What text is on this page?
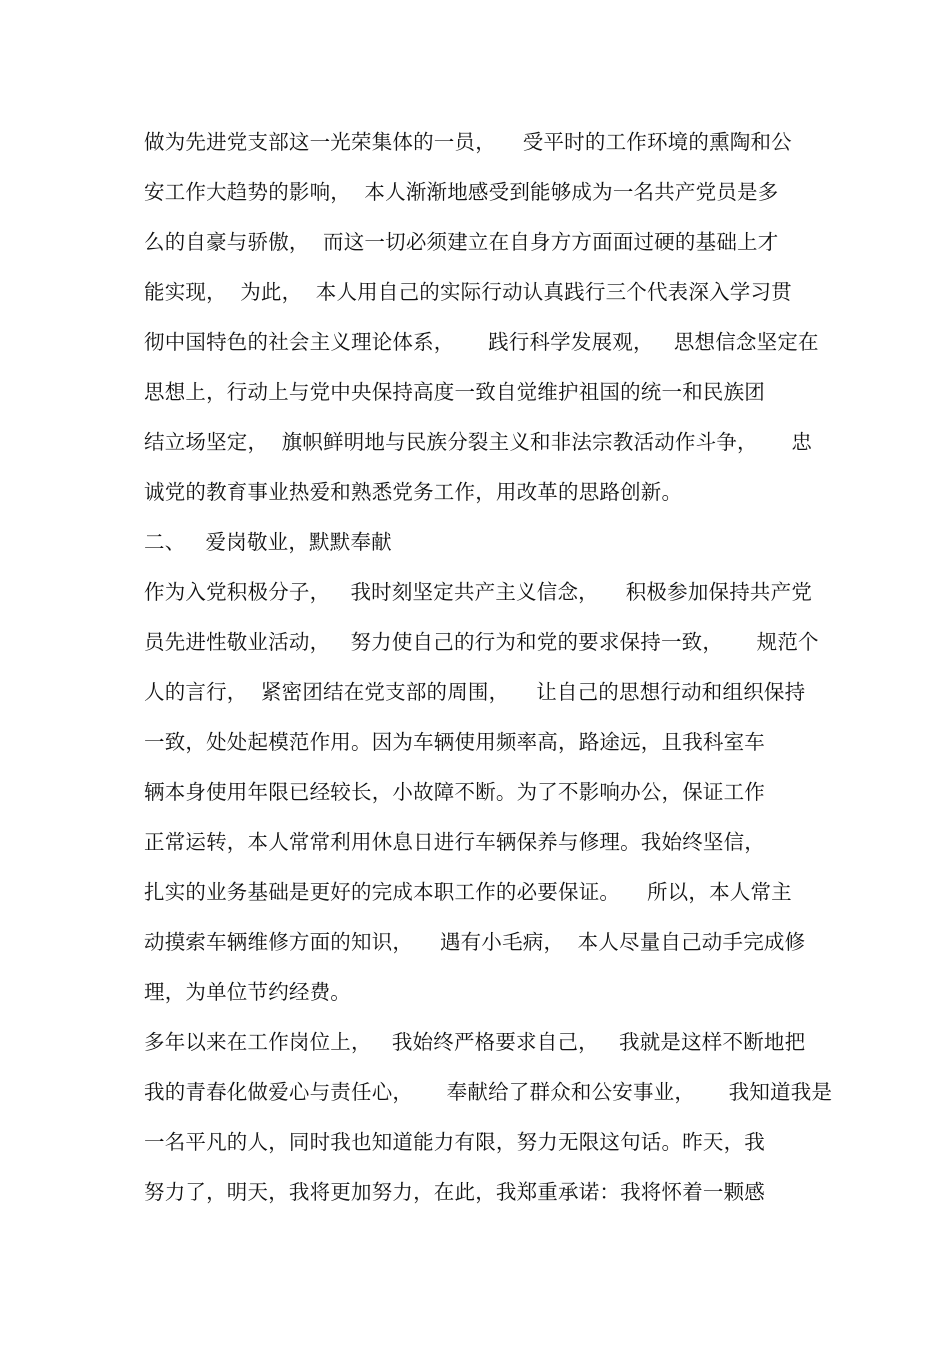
做为先进党支部这一光荣集体的一员，    受平时的工作环境的熏陶和公
安工作大趋势的影响，  本人渐渐地感受到能够成为一名共产党员是多
么的自豪与骄傲，  而这一切必须建立在自身方方面面过硬的基础上才
能实现，  为此，  本人用自己的实际行动认真践行三个代表深入学习贯
彻中国特色的社会主义理论体系，     践行科学发展观，   思想信念坚定在
思想上，行动上与党中央保持高度一致自觉维护祖国的统一和民族团
结立场坚定，  旗帜鲜明地与民族分裂主义和非法宗教活动作斗争，     忠
诚党的教育事业热爱和熟悉党务工作，用改革的思路创新。
二、   爱岗敬业，默默奉献
作为入党积极分子，   我时刻坚定共产主义信念，    积极参加保持共产党
员先进性敬业活动，   努力使自己的行为和党的要求保持一致，     规范个
人的言行，  紧密团结在党支部的周围，    让自己的思想行动和组织保持
一致，处处起模范作用。因为车辆使用频率高，路途远，且我科室车
辆本身使用年限已经较长，小故障不断。为了不影响办公，保证工作
正常运转，本人常常利用休息日进行车辆保养与修理。我始终坚信，
扎实的业务基础是更好的完成本职工作的必要保证。    所以，本人常主
动摸索车辆维修方面的知识，    遇有小毛病，  本人尽量自己动手完成修
理，为单位节约经费。
多年以来在工作岗位上，   我始终严格要求自己，   我就是这样不断地把
我的青春化做爱心与责任心，     奉献给了群众和公安事业，     我知道我是
一名平凡的人，同时我也知道能力有限，努力无限这句话。昨天，我
努力了，明天，我将更加努力，在此，我郑重承诺：我将怀着一颗感
